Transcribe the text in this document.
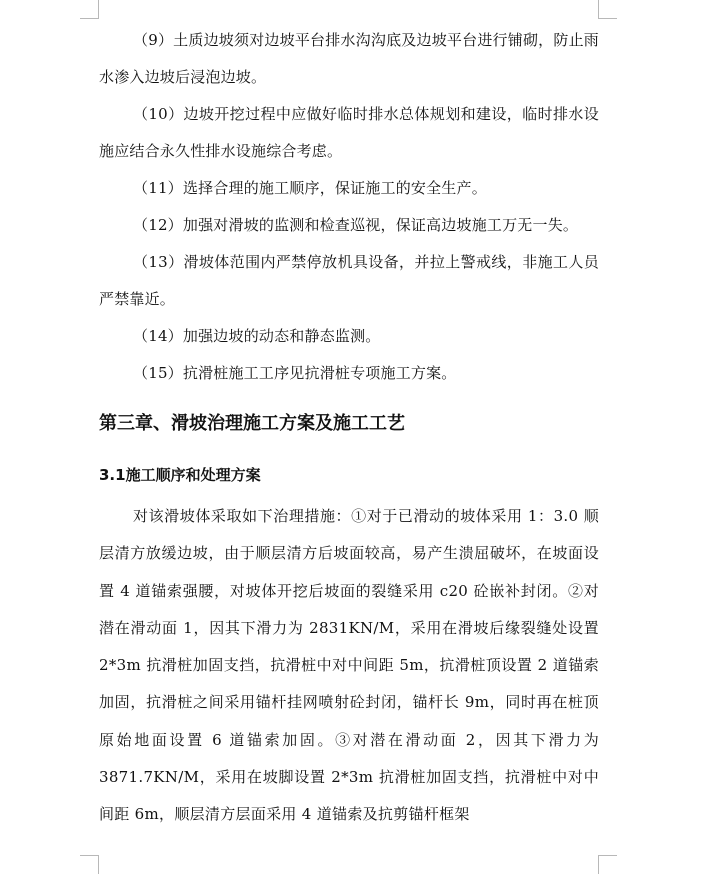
（9）土质边坡须对边坡平台排水沟沟底及边坡平台进行铺砌，防止雨水渗入边坡后浸泡边坡。

（10）边坡开挖过程中应做好临时排水总体规划和建设，临时排水设施应结合永久性排水设施综合考虑。

（11）选择合理的施工顺序，保证施工的安全生产。

（12）加强对滑坡的监测和检查巡视，保证高边坡施工万无一失。

（13）滑坡体范围内严禁停放机具设备，并拉上警戒线，非施工人员严禁靠近。

（14）加强边坡的动态和静态监测。

（15）抗滑桩施工工序见抗滑桩专项施工方案。

第三章、滑坡治理施工方案及施工工艺
3.1施工顺序和处理方案

对该滑坡体采取如下治理措施：①对于已滑动的坡体采用 1：3.0 顺层清方放缓边坡，由于顺层清方后坡面较高，易产生溃屈破坏，在坡面设置 4 道锚索强腰，对坡体开挖后坡面的裂缝采用 c20 砼嵌补封闭。②对潜在滑动面 1，因其下滑力为 2831KN/M，采用在滑坡后缘裂缝处设置 2*3m 抗滑桩加固支挡，抗滑桩中对中间距 5m，抗滑桩顶设置 2 道锚索加固，抗滑桩之间采用锚杆挂网喷射砼封闭，锚杆长 9m，同时再在桩顶原始地面设置 6 道锚索加固。③对潜在滑动面 2，因其下滑力为 3871.7KN/M，采用在坡脚设置 2*3m 抗滑桩加固支挡，抗滑桩中对中间距 6m，顺层清方层面采用 4 道锚索及抗剪锚杆框架
